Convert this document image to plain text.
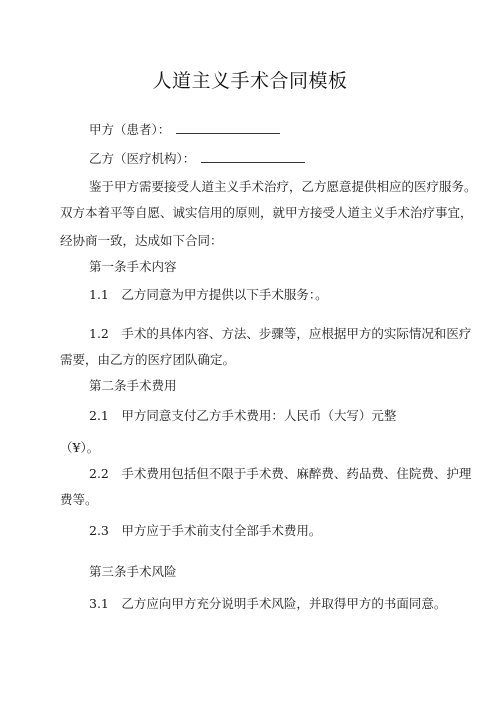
人道主义手术合同模板
甲方（患者）：
乙方（医疗机构）：
鉴于甲方需要接受人道主义手术治疗，乙方愿意提供相应的医疗服务。
双方本着平等自愿、诚实信用的原则，就甲方接受人道主义手术治疗事宜，
经协商一致，达成如下合同：
第一条手术内容
1.1　乙方同意为甲方提供以下手术服务：。
1.2　手术的具体内容、方法、步骤等，应根据甲方的实际情况和医疗
需要，由乙方的医疗团队确定。
第二条手术费用
2.1　甲方同意支付乙方手术费用：人民币（大写）元整
（¥）。
2.2　手术费用包括但不限于手术费、麻醉费、药品费、住院费、护理
费等。
2.3　甲方应于手术前支付全部手术费用。
第三条手术风险
3.1　乙方应向甲方充分说明手术风险，并取得甲方的书面同意。
